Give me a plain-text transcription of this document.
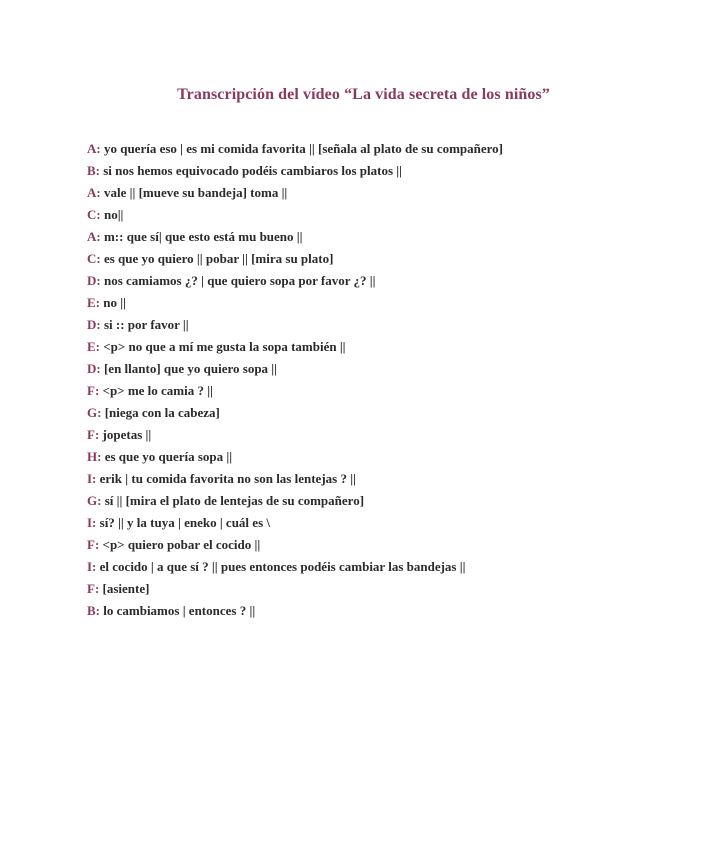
Transcripción del vídeo “La vida secreta de los niños”
A: yo quería eso | es mi comida favorita || [señala al plato de su compañero]
B: si nos hemos equivocado podéis cambiaros los platos ||
A: vale || [mueve su bandeja] toma ||
C: no||
A: m:: que sí| que esto está mu bueno ||
C: es que yo quiero || pobar || [mira su plato]
D: nos camiamos ¿? | que quiero sopa por favor ¿? ||
E: no ||
D: si :: por favor ||
E: <p> no que a mí me gusta la sopa también ||
D: [en llanto] que yo quiero sopa ||
F: <p> me lo camia ? ||
G: [niega con la cabeza]
F: jopetas ||
H: es que yo quería sopa ||
I: erik | tu comida favorita no son las lentejas ? ||
G: sí || [mira el plato de lentejas de su compañero]
I: sí? || y la tuya | eneko | cuál es \
F: <p> quiero pobar el cocido ||
I: el cocido | a que sí ? || pues entonces podéis cambiar las bandejas ||
F: [asiente]
B: lo cambiamos | entonces ? ||
